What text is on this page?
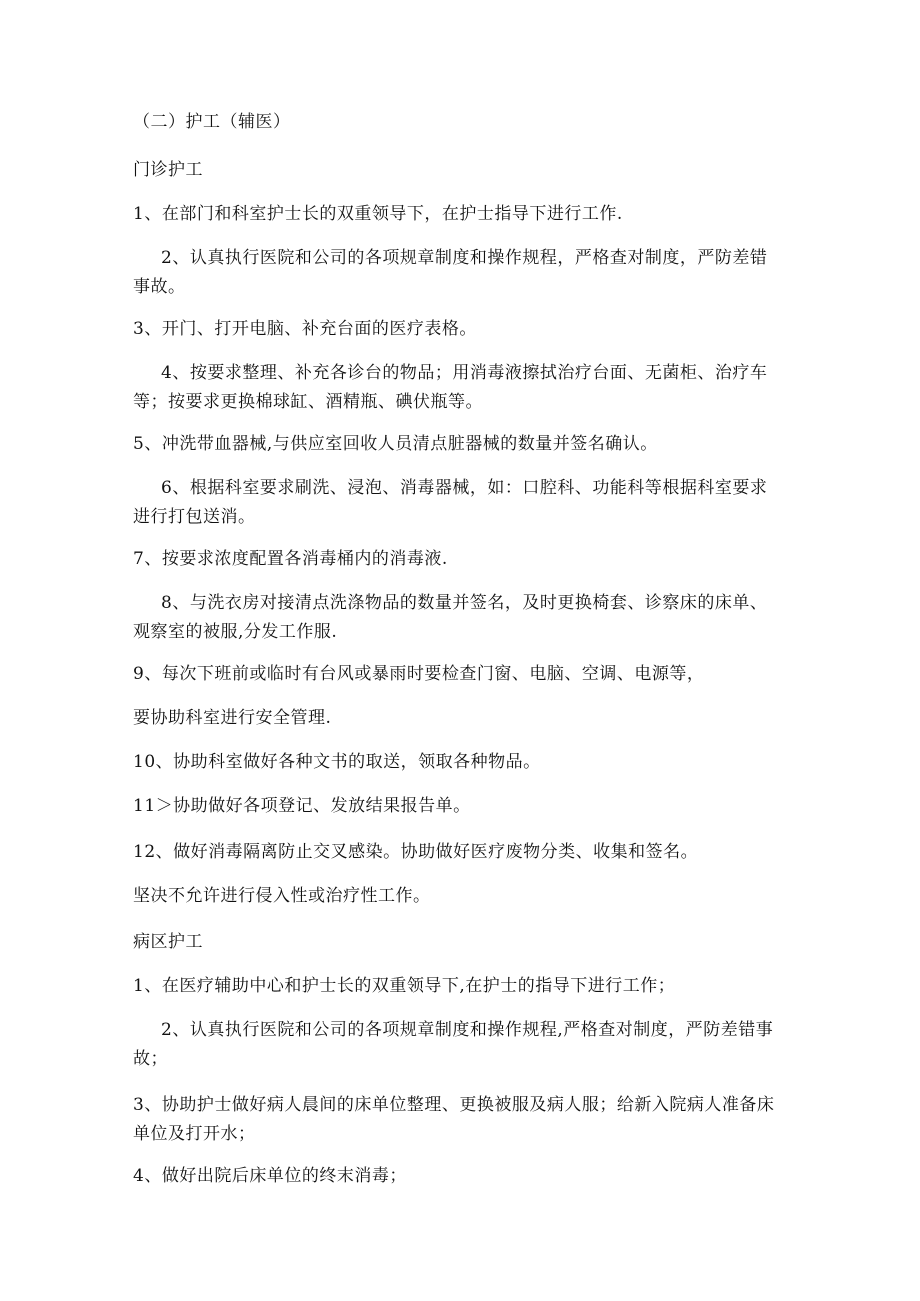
（二）护工（辅医）
门诊护工
1、在部门和科室护士长的双重领导下，在护士指导下进行工作.
2、认真执行医院和公司的各项规章制度和操作规程，严格查对制度，严防差错事故。
3、开门、打开电脑、补充台面的医疗表格。
4、按要求整理、补充各诊台的物品；用消毒液擦拭治疗台面、无菌柜、治疗车等；按要求更换棉球缸、酒精瓶、碘伏瓶等。
5、冲洗带血器械,与供应室回收人员清点脏器械的数量并签名确认。
6、根据科室要求刷洗、浸泡、消毒器械，如：口腔科、功能科等根据科室要求进行打包送消。
7、按要求浓度配置各消毒桶内的消毒液.
8、与洗衣房对接清点洗涤物品的数量并签名，及时更换椅套、诊察床的床单、观察室的被服,分发工作服.
9、每次下班前或临时有台风或暴雨时要检查门窗、电脑、空调、电源等，
要协助科室进行安全管理.
10、协助科室做好各种文书的取送，领取各种物品。
11＞协助做好各项登记、发放结果报告单。
12、做好消毒隔离防止交叉感染。协助做好医疗废物分类、收集和签名。
坚决不允许进行侵入性或治疗性工作。
病区护工
1、在医疗辅助中心和护士长的双重领导下,在护士的指导下进行工作；
2、认真执行医院和公司的各项规章制度和操作规程,严格查对制度，严防差错事故；
3、协助护士做好病人晨间的床单位整理、更换被服及病人服；给新入院病人准备床单位及打开水；
4、做好出院后床单位的终末消毒；
